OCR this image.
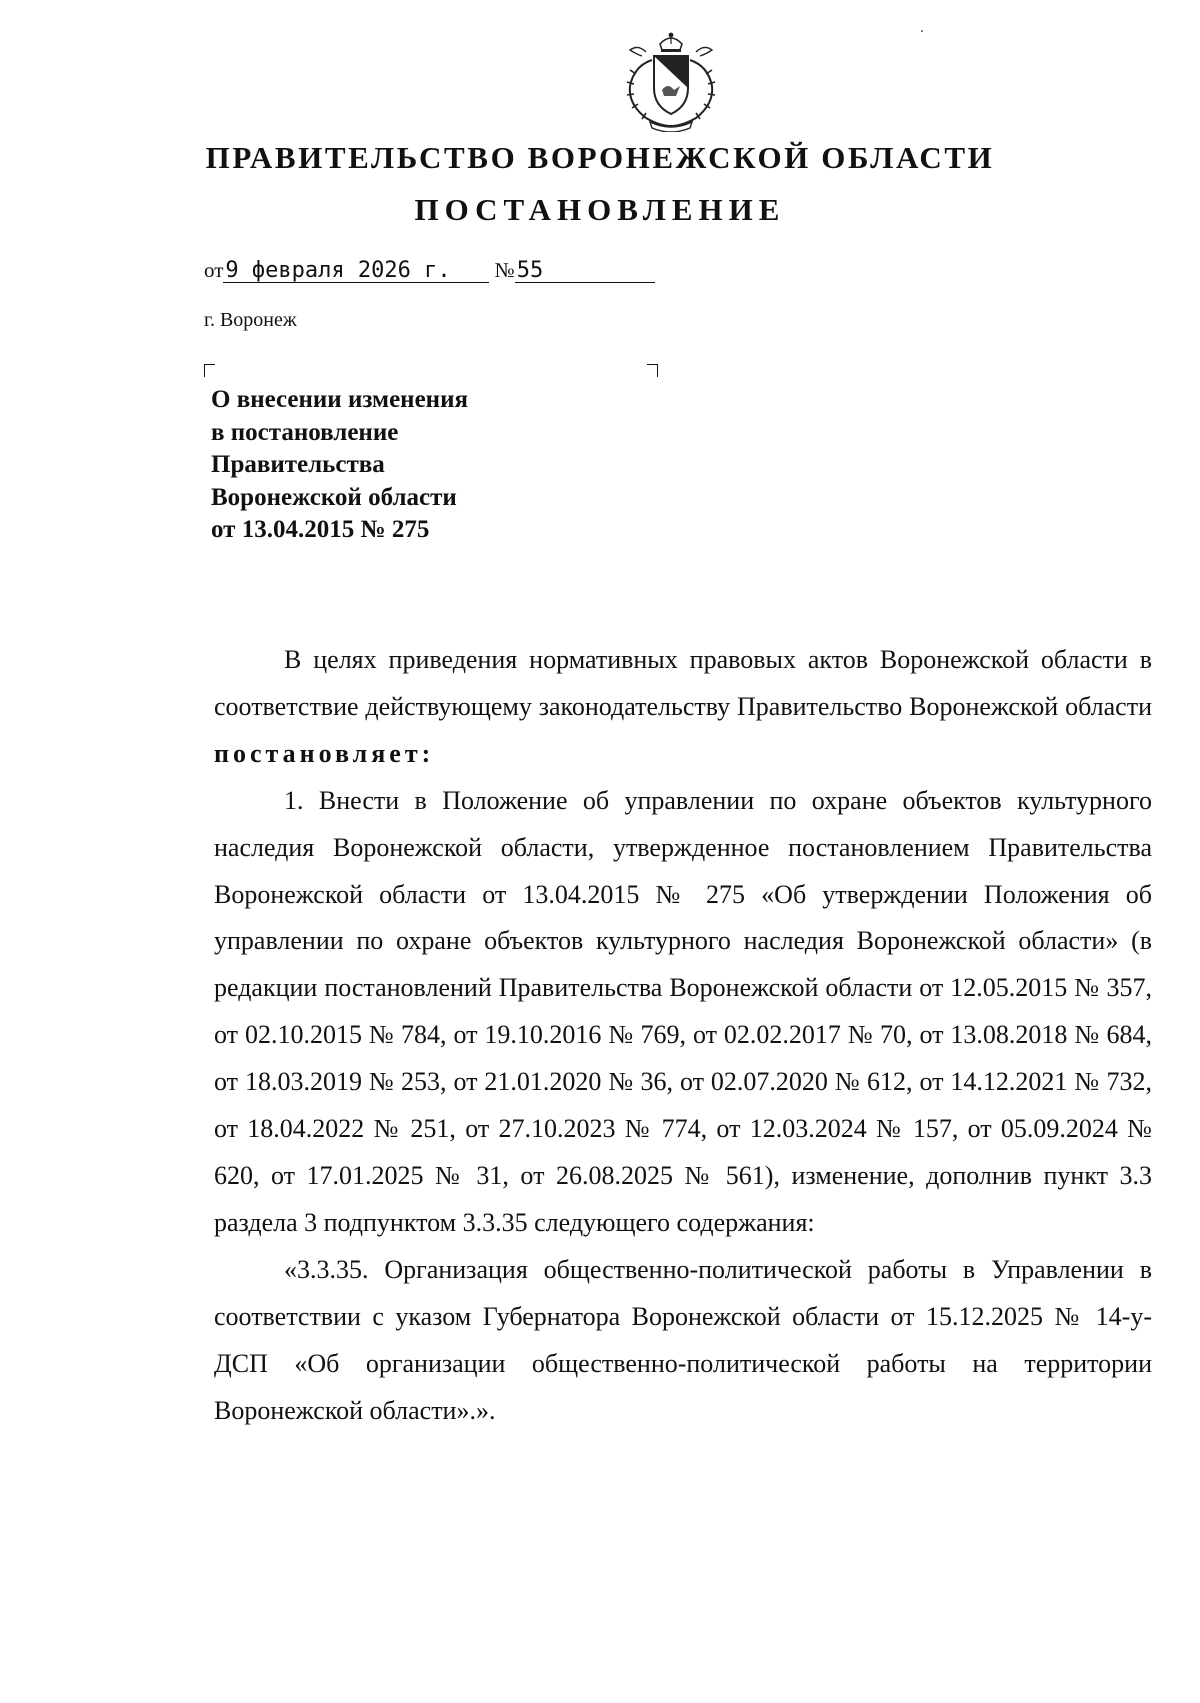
ПРАВИТЕЛЬСТВО ВОРОНЕЖСКОЙ ОБЛАСТИ
ПОСТАНОВЛЕНИЕ
от9 февраля 2026 г. №55
г. Воронеж
О внесении изменения
в постановление
Правительства
Воронежской области
от 13.04.2015 № 275

В целях приведения нормативных правовых актов Воронежской области в соответствие действующему законодательству Правительство Воронежской области постановляет:

1. Внести в Положение об управлении по охране объектов культурного наследия Воронежской области, утвержденное постановлением Правительства Воронежской области от 13.04.2015 № 275 «Об утверждении Положения об управлении по охране объектов культурного наследия Воронежской области» (в редакции постановлений Правительства Воронежской области от 12.05.2015 № 357, от 02.10.2015 № 784, от 19.10.2016 № 769, от 02.02.2017 № 70, от 13.08.2018 № 684, от 18.03.2019 № 253, от 21.01.2020 № 36, от 02.07.2020 № 612, от 14.12.2021 № 732, от 18.04.2022 № 251, от 27.10.2023 № 774, от 12.03.2024 № 157, от 05.09.2024 № 620, от 17.01.2025 № 31, от 26.08.2025 № 561), изменение, дополнив пункт 3.3 раздела 3 подпунктом 3.3.35 следующего содержания:

«3.3.35. Организация общественно-политической работы в Управлении в соответствии с указом Губернатора Воронежской области от 15.12.2025 № 14-у-ДСП «Об организации общественно-политической работы на территории Воронежской области».».
